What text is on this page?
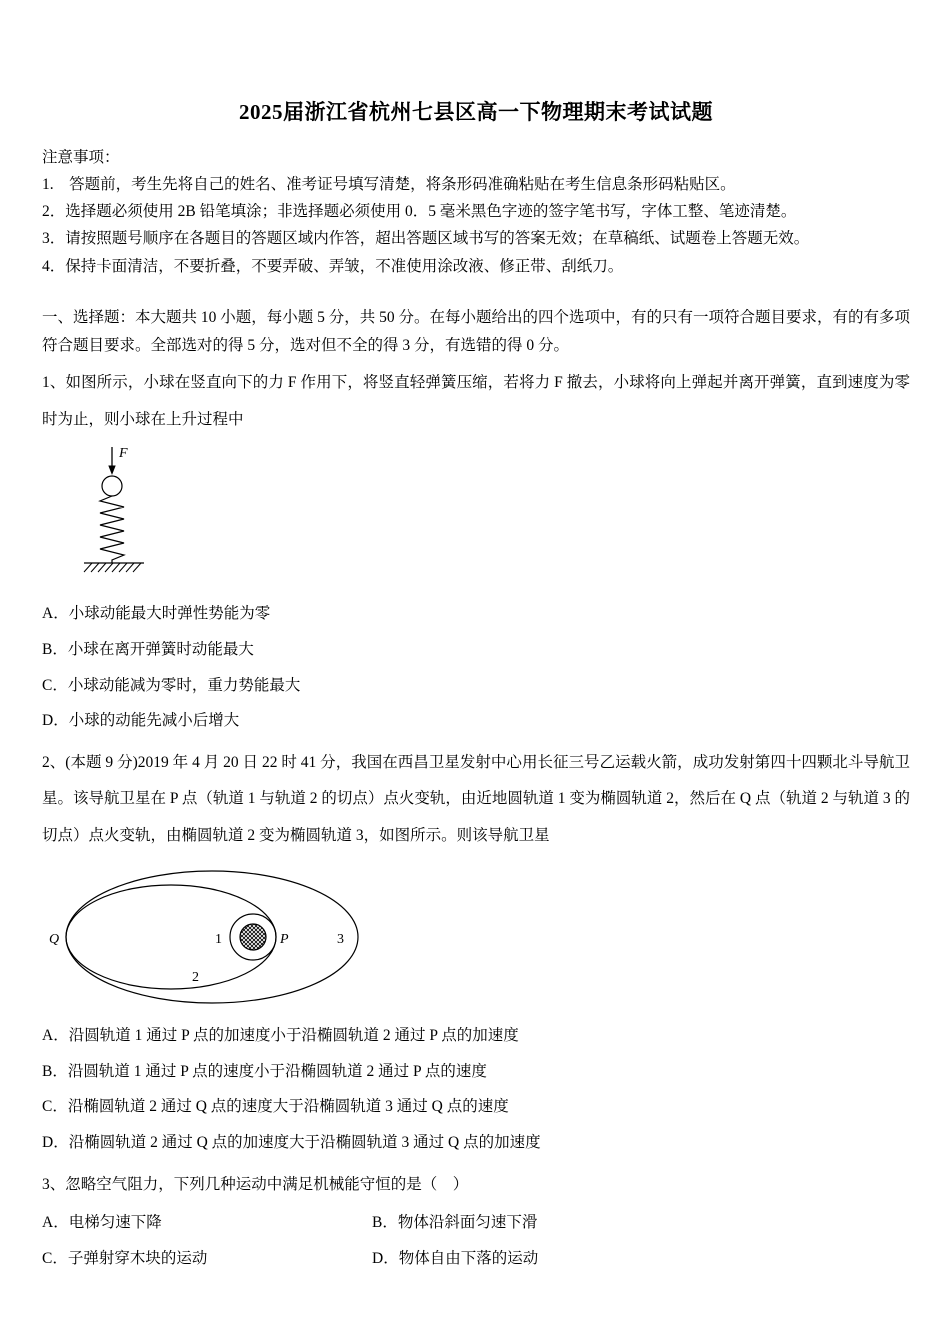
2025届浙江省杭州七县区高一下物理期末考试试题
注意事项：
1.　答题前，考生先将自己的姓名、准考证号填写清楚，将条形码准确粘贴在考生信息条形码粘贴区。
2．选择题必须使用 2B 铅笔填涂；非选择题必须使用 0．5 毫米黑色字迹的签字笔书写，字体工整、笔迹清楚。
3．请按照题号顺序在各题目的答题区域内作答，超出答题区域书写的答案无效；在草稿纸、试题卷上答题无效。
4．保持卡面清洁，不要折叠，不要弄破、弄皱，不准使用涂改液、修正带、刮纸刀。
一、选择题：本大题共 10 小题，每小题 5 分，共 50 分。在每小题给出的四个选项中，有的只有一项符合题目要求，有的有多项符合题目要求。全部选对的得 5 分，选对但不全的得 3 分，有选错的得 0 分。
1、如图所示，小球在竖直向下的力 F 作用下，将竖直轻弹簧压缩，若将力 F 撤去，小球将向上弹起并离开弹簧，直到速度为零时为止，则小球在上升过程中
F
A．小球动能最大时弹性势能为零
B．小球在离开弹簧时动能最大
C．小球动能减为零时，重力势能最大
D．小球的动能先减小后增大
2、(本题 9 分)2019 年 4 月 20 日 22 时 41 分，我国在西昌卫星发射中心用长征三号乙运载火箭，成功发射第四十四颗北斗导航卫星。该导航卫星在 P 点（轨道 1 与轨道 2 的切点）点火变轨，由近地圆轨道 1 变为椭圆轨道 2，然后在 Q 点（轨道 2 与轨道 3 的切点）点火变轨，由椭圆轨道 2 变为椭圆轨道 3，如图所示。则该导航卫星
Q	1	P	3
2
A．沿圆轨道 1 通过 P 点的加速度小于沿椭圆轨道 2 通过 P 点的加速度
B．沿圆轨道 1 通过 P 点的速度小于沿椭圆轨道 2 通过 P 点的速度
C．沿椭圆轨道 2 通过 Q 点的速度大于沿椭圆轨道 3 通过 Q 点的速度
D．沿椭圆轨道 2 通过 Q 点的加速度大于沿椭圆轨道 3 通过 Q 点的加速度
3、忽略空气阻力，下列几种运动中满足机械能守恒的是（　）
A．电梯匀速下降	B．物体沿斜面匀速下滑
C．子弹射穿木块的运动	D．物体自由下落的运动
